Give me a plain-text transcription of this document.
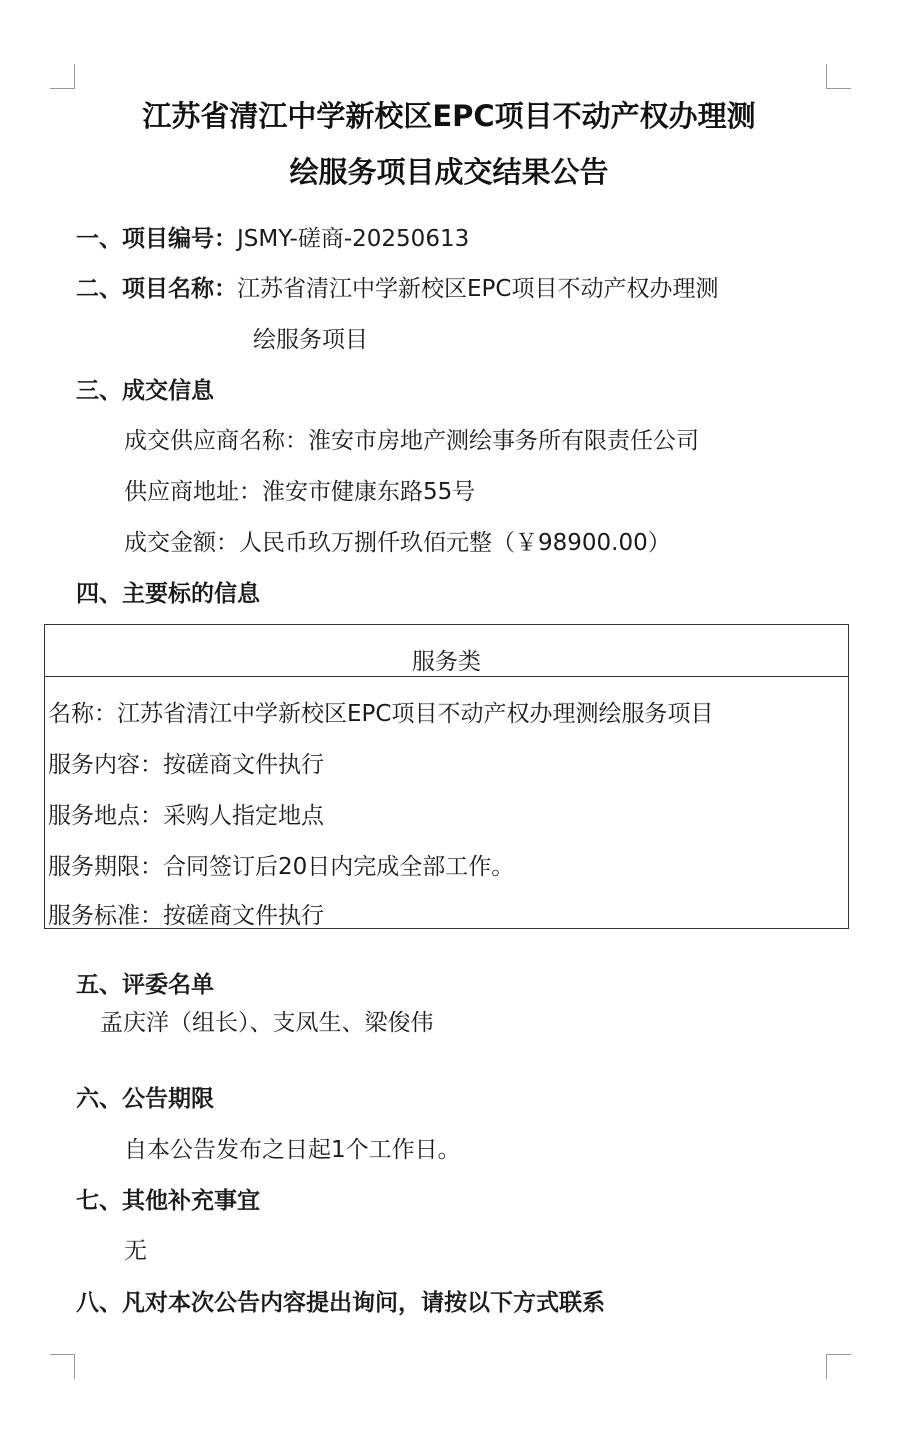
江苏省清江中学新校区EPC项目不动产权办理测
绘服务项目成交结果公告
一、项目编号：JSMY-磋商-20250613
二、项目名称：江苏省清江中学新校区EPC项目不动产权办理测
绘服务项目
三、成交信息
成交供应商名称：淮安市房地产测绘事务所有限责任公司
供应商地址：淮安市健康东路55号
成交金额：人民币玖万捌仟玖佰元整（￥98900.00）
四、主要标的信息
服务类
名称：江苏省清江中学新校区EPC项目不动产权办理测绘服务项目
服务内容：按磋商文件执行
服务地点：采购人指定地点
服务期限：合同签订后20日内完成全部工作。
服务标准：按磋商文件执行
五、评委名单
孟庆洋（组长）、支凤生、梁俊伟
六、公告期限
自本公告发布之日起1个工作日。
七、其他补充事宜
无
八、凡对本次公告内容提出询问，请按以下方式联系
